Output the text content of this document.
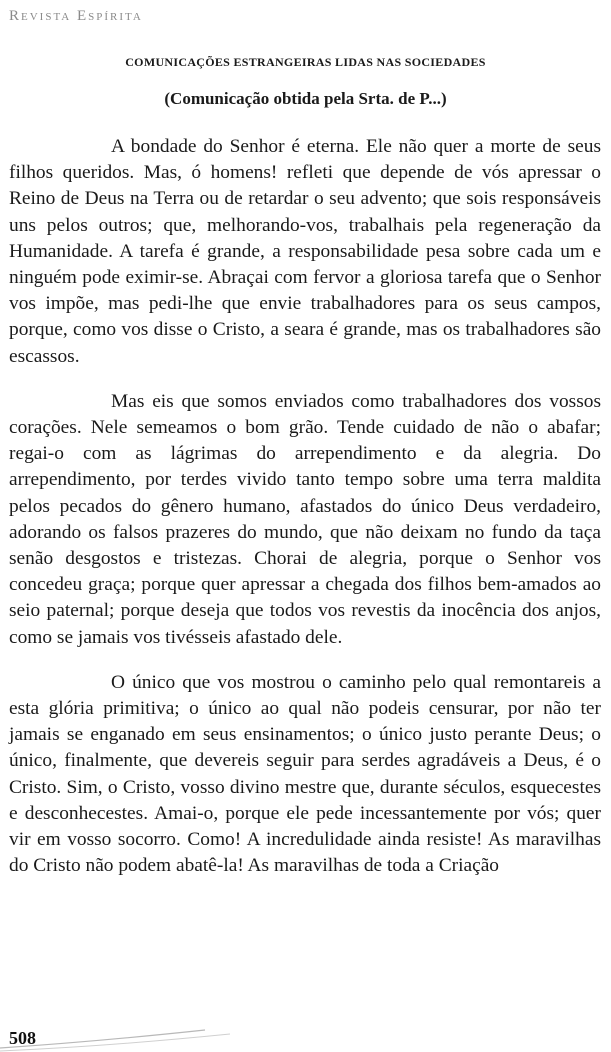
Revista Espírita
COMUNICAÇÕES ESTRANGEIRAS LIDAS NAS SOCIEDADES
(Comunicação obtida pela Srta. de P...)

A bondade do Senhor é eterna. Ele não quer a morte de seus filhos queridos. Mas, ó homens! refleti que depende de vós apressar o Reino de Deus na Terra ou de retardar o seu advento; que sois responsáveis uns pelos outros; que, melhorando-vos, trabalhais pela regeneração da Humanidade. A tarefa é grande, a responsabilidade pesa sobre cada um e ninguém pode eximir-se. Abraçai com fervor a gloriosa tarefa que o Senhor vos impõe, mas pedi-lhe que envie trabalhadores para os seus campos, porque, como vos disse o Cristo, a seara é grande, mas os trabalhadores são escassos.

Mas eis que somos enviados como trabalhadores dos vossos corações. Nele semeamos o bom grão. Tende cuidado de não o abafar; regai-o com as lágrimas do arrependimento e da alegria. Do arrependimento, por terdes vivido tanto tempo sobre uma terra maldita pelos pecados do gênero humano, afastados do único Deus verdadeiro, adorando os falsos prazeres do mundo, que não deixam no fundo da taça senão desgostos e tristezas. Chorai de alegria, porque o Senhor vos concedeu graça; porque quer apressar a chegada dos filhos bem-amados ao seio paternal; porque deseja que todos vos revestis da inocência dos anjos, como se jamais vos tivésseis afastado dele.

O único que vos mostrou o caminho pelo qual remontareis a esta glória primitiva; o único ao qual não podeis censurar, por não ter jamais se enganado em seus ensinamentos; o único justo perante Deus; o único, finalmente, que devereis seguir para serdes agradáveis a Deus, é o Cristo. Sim, o Cristo, vosso divino mestre que, durante séculos, esquecestes e desconhecestes. Amai-o, porque ele pede incessantemente por vós; quer vir em vosso socorro. Como! A incredulidade ainda resiste! As maravilhas do Cristo não podem abatê-la! As maravilhas de toda a Criação

508
